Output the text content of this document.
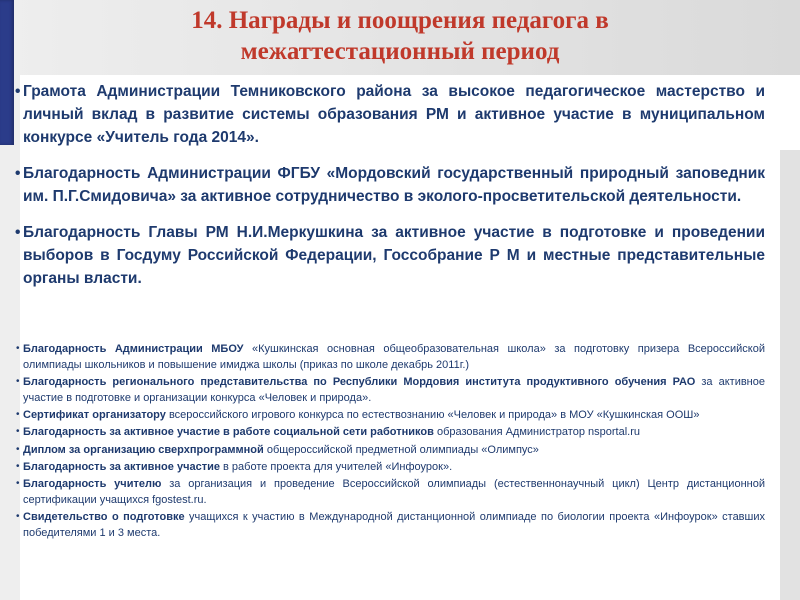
14. Награды и поощрения педагога в
межаттестационный период
• Грамота Администрации Темниковского района за высокое педагогическое мастерство и личный вклад в развитие системы образования РМ и активное участие в муниципальном конкурсе «Учитель года 2014».
• Благодарность Администрации ФГБУ «Мордовский государственный природный заповедник им. П.Г.Смидовича» за активное сотрудничество в эколого-просветительской деятельности.
• Благодарность Главы РМ Н.И.Меркушкина за активное участие в подготовке и проведении выборов в Госдуму Российской Федерации, Госсобрание Р М и местные представительные органы власти.
• Благодарность Администрации МБОУ «Кушкинская основная общеобразовательная школа» за подготовку призера Всероссийской олимпиады школьников и повышение имиджа школы (приказ по школе декабрь 2011г.)
• Благодарность регионального представительства по Республики Мордовия института продуктивного обучения РАО за активное участие в подготовке и организации конкурса «Человек и природа».
• Сертификат организатору всероссийского игрового конкурса по естествознанию «Человек и природа» в МОУ «Кушкинская ООШ»
• Благодарность за активное участие в работе социальной сети работников образования Администратор nsportal.ru
• Диплом за организацию сверхпрограммной общероссийской предметной олимпиады «Олимпус»
• Благодарность за активное участие в работе проекта для учителей «Инфоурок».
• Благодарность учителю за организация и проведение Всероссийской олимпиады (естественнонаучный цикл) Центр дистанционной сертификации учащихся fgostest.ru.
• Свидетельство о подготовке учащихся к участию в Международной дистанционной олимпиаде по биологии проекта «Инфоурок» ставших победителями 1 и 3 места.
